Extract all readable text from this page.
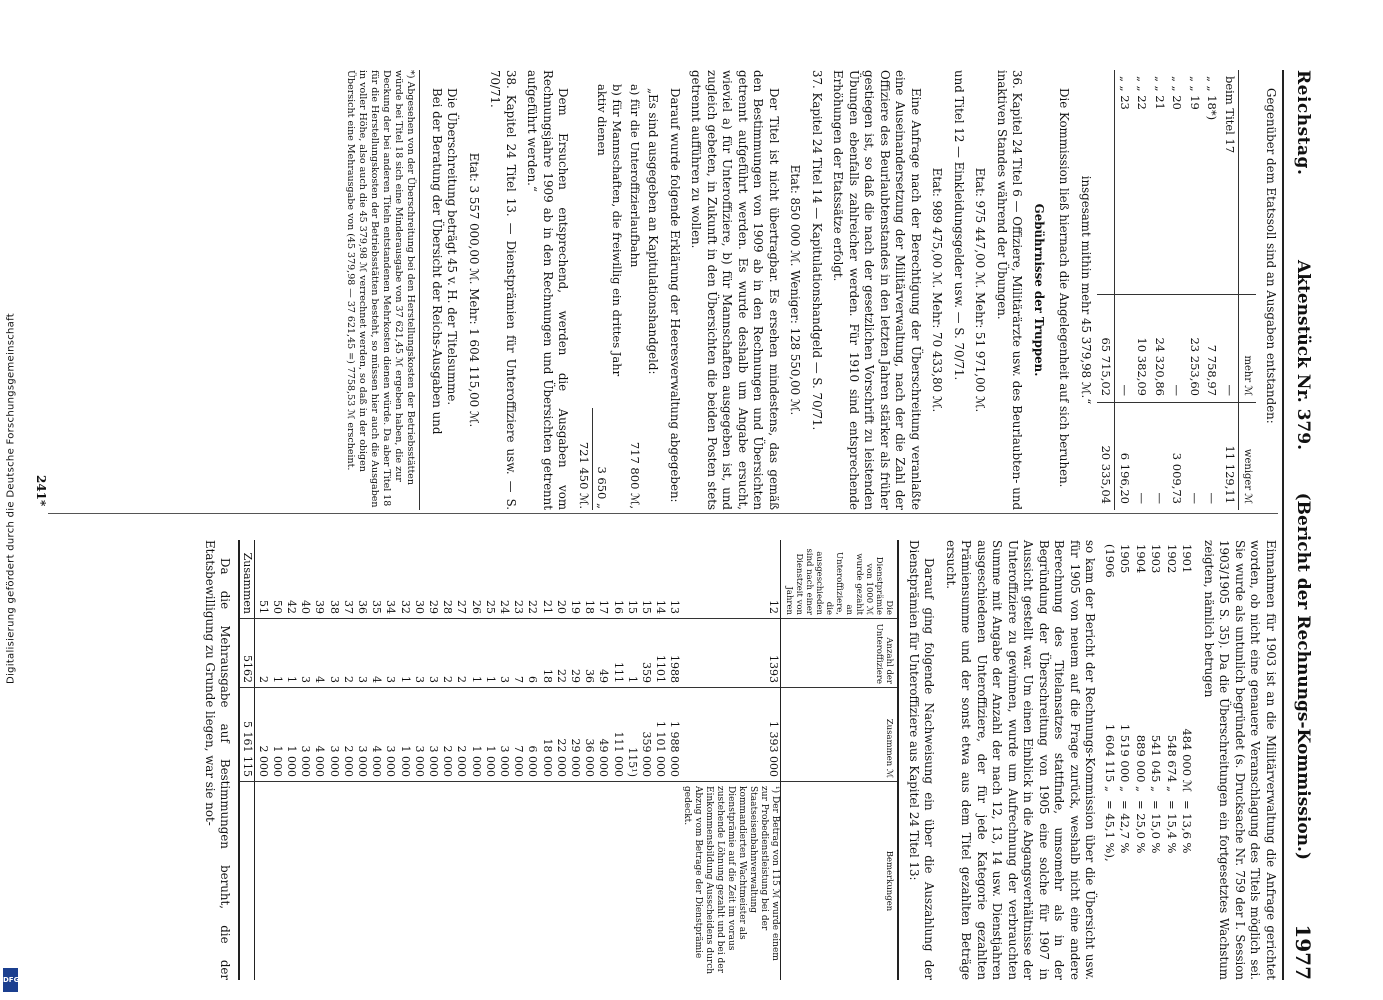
Digitalisierung gefördert durch die Deutsche Forschungsgemeinschaft
DFG
Reichstag.
Aktenstück Nr. 379.
(Bericht der Rechnungs-Kommission.)
1977

Gegenüber dem Etatssoll sind an Ausgaben entstanden:

	mehr ℳ	weniger ℳ
beim Titel 17	—	11 129,11
„ „ 18*)	7 758,97	—
„ „ 19	23 253,60	—
„ „ 20	—	3 009,73
„ „ 21	24 320,86	—
„ „ 22	10 382,09	—
„ „ 23	—	6 196,20
	65 715,02	20 335,04

insgesamt mithin mehr 45 379,98 ℳ.“

Die Kommission ließ hiernach die Angelegenheit auf sich beruhen.

Gebührnisse der Truppen.

36. Kapitel 24 Titel 6 — Offiziere, Militärärzte usw. des Beurlaubten- und inaktiven Standes während der Übungen.

Etat: 975 447,00 ℳ. Mehr: 51 971,00 ℳ.

und Titel 12 — Einkleidungsgelder usw. — S. 70/71.

Etat: 989 475,00 ℳ. Mehr: 70 433,80 ℳ.

Eine Anfrage nach der Berechtigung der Überschreitung veranlaßte eine Auseinandersetzung der Militärverwaltung, nach der die Zahl der Offiziere des Beurlaubtenstandes in den letzten Jahren stärker als früher gestiegen ist, so daß die nach der gesetzlichen Vorschrift zu leistenden Übungen ebenfalls zahlreicher werden. Für 1910 sind entsprechende Erhöhungen der Etatssätze erfolgt.

37. Kapitel 24 Titel 14 — Kapitulationshandgeld — S. 70/71.

Etat: 850 000 ℳ. Weniger: 128 550,00 ℳ.

Der Titel ist nicht übertragbar. Es ersehen mindestens, das gemäß den Bestimmungen von 1909 ab in den Rechnungen und Übersichten getrennt aufgeführt werden. Es wurde deshalb um Angabe ersucht, wieviel a) für Unteroffiziere, b) für Mannschaften ausgegeben ist, und zugleich gebeten, in Zukunft in den Übersichten die beiden Posten stets getrennt aufführen zu wollen.

Darauf wurde folgende Erklärung der Heeresverwaltung abgegeben:

„Es sind ausgegeben an Kapitulationshandgeld:

a) für die Unteroffizierlaufbahn	717 800 ℳ,
b) für Mannschaften, die freiwillig ein drittes Jahr aktiv dienen	3 650 „
	721 450 ℳ.

Dem Ersuchen entsprechend, werden die Ausgaben vom Rechnungsjahre 1909 ab in den Rechnungen und Übersichten getrennt aufgeführt werden.“

38. Kapitel 24 Titel 13. — Dienstprämien für Unteroffiziere usw. — S. 70/71.

Etat: 3 557 000,00 ℳ. Mehr: 1 604 115,00 ℳ.

Die Überschreitung beträgt 45 v. H. der Titelsumme.

Bei der Beratung der Übersicht der Reichs-Ausgaben und

*) Abgesehen von der Überschreitung bei den Herstellungskosten der Betriebsstätten würde bei Titel 18 sich eine Minderausgabe von 37 621,45 ℳ ergeben haben, die zur Deckung der bei anderen Titeln entstandenen Mehrkosten dienen würde. Da aber Titel 18 für die Herstellungskosten der Betriebsstätten besteht, so müssen hier auch die Ausgaben in voller Höhe, also auch die 45 379,98 ℳ verrechnet werden, so daß in der obigen Übersicht eine Mehrausgabe von (45 379,98 — 37 621,45 =) 7758,53 ℳ erscheint.

Einnahmen für 1903 ist an die Militärverwaltung die Anfrage gerichtet worden, ob nicht eine genauere Veranschlagung des Titels möglich sei. Sie wurde als untunlich begründet (s. Drucksache Nr. 759 der I. Session 1903/1905 S. 35). Da die Überschreitungen ein fortgesetztes Wachstum zeigten, nämlich betrugen

1901	484 000 ℳ	= 13,6 %
1902	548 674 „	= 15,4 %
1903	541 045 „	= 15,0 %
1904	889 000 „	= 25,0 %
1905	1 519 000 „	= 42,7 %
(1906	1 604 115 „	= 45,1 %),

so kam der Bericht der Rechnungs-Kommission über die Übersicht usw. für 1905 von neuem auf die Frage zurück, weshalb nicht eine andere Berechnung des Titelansatzes stattfinde, umsomehr als in der Begründung der Überschreitung von 1905 eine solche für 1907 in Aussicht gestellt war. Um einen Einblick in die Abgangsverhältnisse der Unteroffiziere zu gewinnen, wurde um Aufrechnung der verbrauchten Summe mit Angabe der Anzahl der nach 12, 13, 14 usw. Dienstjahren ausgeschiedenen Unteroffiziere, der für jede Kategorie gezahlten Prämiensumme und der sonst etwa aus dem Titel gezahlten Beträge ersucht.

Darauf ging folgende Nachweisung ein über die Auszahlung der Dienstprämien für Unteroffiziere aus Kapitel 24 Titel 13:

Die Dienstprämie von 1000 ℳ wurde gezahlt an Unteroffiziere, die ausgeschieden sind nach einer Dienstzeit von Jahren	Anzahl der Unteroffiziere	Zusammen ℳ	Bemerkungen
12	1393	1 393 000	¹) Der Betrag von 115 ℳ wurde einem zur Probedienstleistung bei der Staatseisenbahnverwaltung kommandierten Wachtmeister als Dienstprämie auf die Zeit im voraus zustehende Löhnung gezahlt und bei der Einkommensbildung Ausscheidens durch Abzug vom Betrage der Dienstprämie gedeckt.
13	1988	1 988 000	
14	1101	1 101 000	
15	359	359 000	
15	1	115¹)	
16	111	111 000	
17	49	49 000	
18	36	36 000	
19	29	29 000	
20	22	22 000	
21	18	18 000	
22	6	6 000	
23	7	7 000	
24	3	3 000	
25	1	1 000	
26	1	1 000	
27	2	2 000	
28	2	2 000	
29	3	3 000	
30	3	3 000	
32	1	1 000	
34	3	3 000	
35	4	4 000	
36	3	3 000	
37	2	2 000	
38	3	3 000	
39	4	4 000	
40	3	3 000	
42	1	1 000	
50	1	1 000	
51	2	2 000	
Zusammen	5162	5 161 115	

Da die Mehrausgabe auf Bestimmungen beruht, die der Etatsbewilligung zu Grunde liegen, war sie not-

241*
